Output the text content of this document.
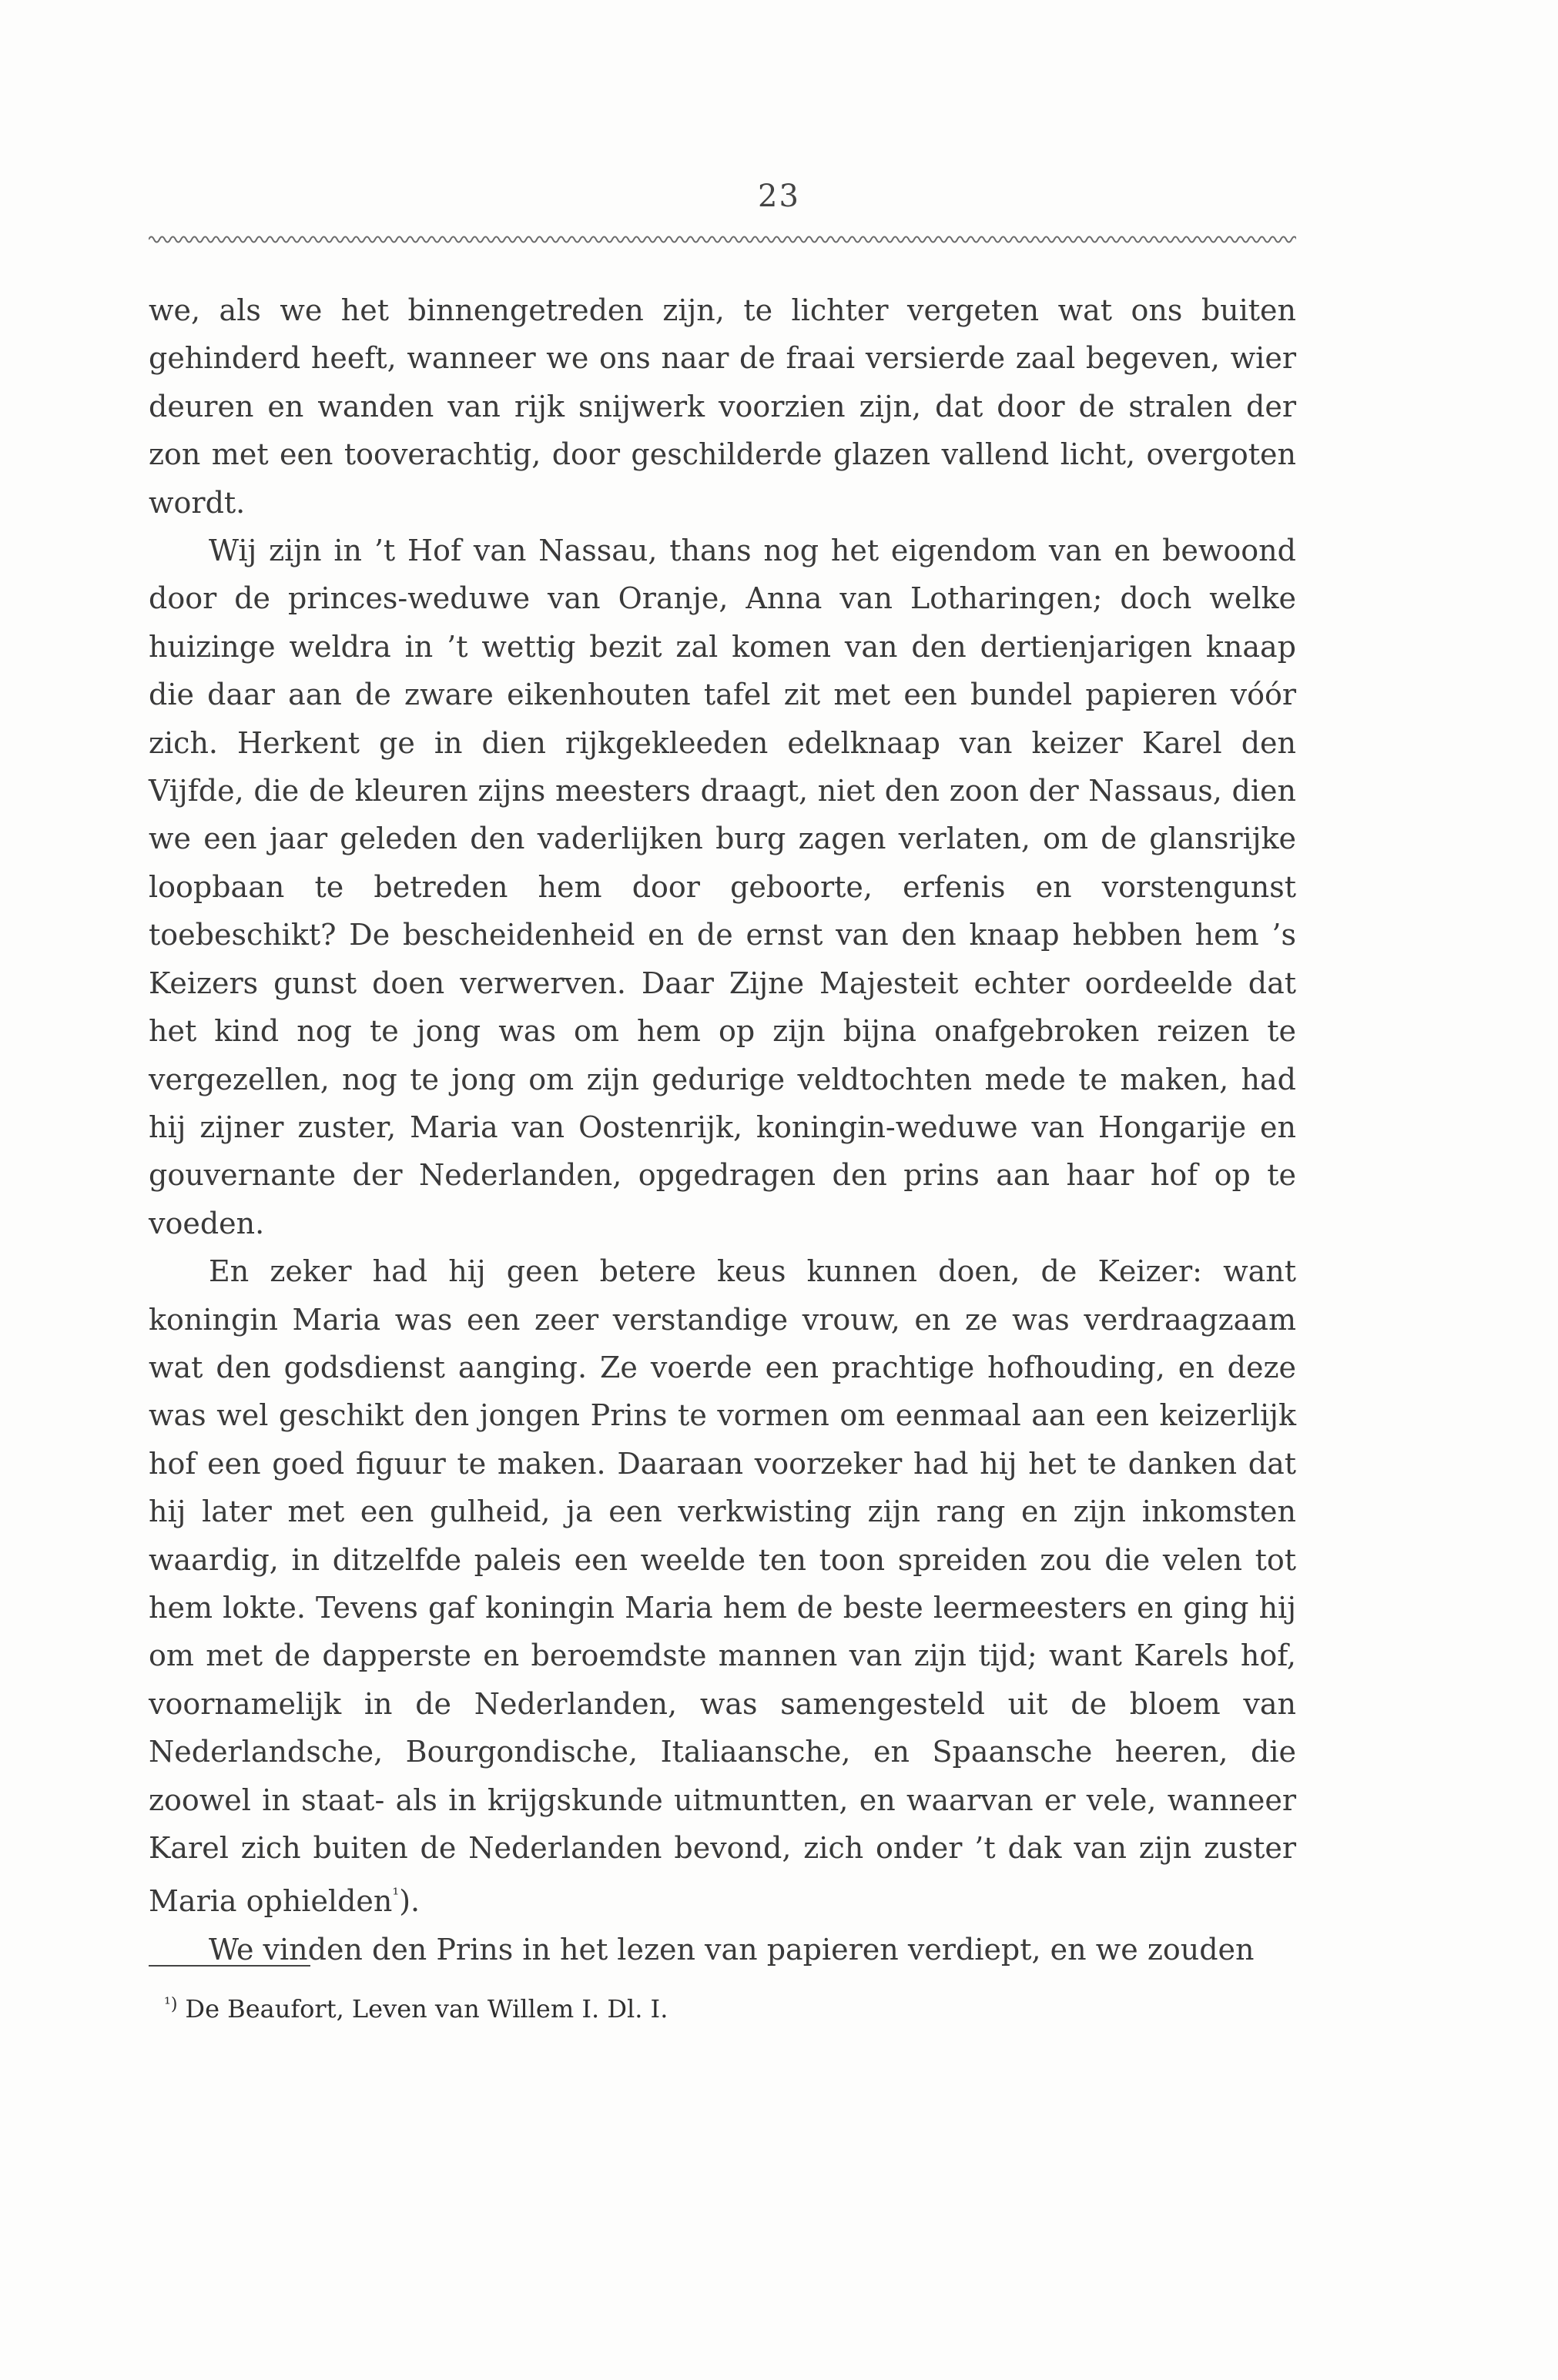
23

we, als we het binnengetreden zijn, te lichter vergeten wat ons buiten gehinderd heeft, wanneer we ons naar de fraai versierde zaal begeven, wier deuren en wanden van rijk snijwerk voorzien zijn, dat door de stralen der zon met een tooverachtig, door geschilderde glazen vallend licht, overgoten wordt.

Wij zijn in ’t Hof van Nassau, thans nog het eigendom van en bewoond door de princes-weduwe van Oranje, Anna van Lotharingen; doch welke huizinge weldra in ’t wettig bezit zal komen van den dertienjarigen knaap die daar aan de zware eikenhouten tafel zit met een bundel papieren vóór zich. Herkent ge in dien rijkgekleeden edelknaap van keizer Karel den Vijfde, die de kleuren zijns meesters draagt, niet den zoon der Nassaus, dien we een jaar geleden den vaderlijken burg zagen verlaten, om de glansrijke loopbaan te betreden hem door geboorte, erfenis en vorstengunst toebeschikt? De bescheidenheid en de ernst van den knaap hebben hem ’s Keizers gunst doen verwerven. Daar Zijne Majesteit echter oordeelde dat het kind nog te jong was om hem op zijn bijna onafgebroken reizen te vergezellen, nog te jong om zijn gedurige veldtochten mede te maken, had hij zijner zuster, Maria van Oostenrijk, koningin-weduwe van Hongarije en gouvernante der Nederlanden, opgedragen den prins aan haar hof op te voeden.

En zeker had hij geen betere keus kunnen doen, de Keizer: want koningin Maria was een zeer verstandige vrouw, en ze was verdraagzaam wat den godsdienst aanging. Ze voerde een prachtige hofhouding, en deze was wel geschikt den jongen Prins te vormen om eenmaal aan een keizerlijk hof een goed figuur te maken. Daaraan voorzeker had hij het te danken dat hij later met een gulheid, ja een verkwisting zijn rang en zijn inkomsten waardig, in ditzelfde paleis een weelde ten toon spreiden zou die velen tot hem lokte. Tevens gaf koningin Maria hem de beste leermeesters en ging hij om met de dapperste en beroemdste mannen van zijn tijd; want Karels hof, voornamelijk in de Nederlanden, was samengesteld uit de bloem van Nederlandsche, Bourgondische, Italiaansche, en Spaansche heeren, die zoowel in staat- als in krijgskunde uitmuntten, en waarvan er vele, wanneer Karel zich buiten de Nederlanden bevond, zich onder ’t dak van zijn zuster Maria ophielden$^{^1}$).

We vinden den Prins in het lezen van papieren verdiept, en we zouden

$^{^1)}$ De Beaufort, Leven van Willem I. Dl. I.
